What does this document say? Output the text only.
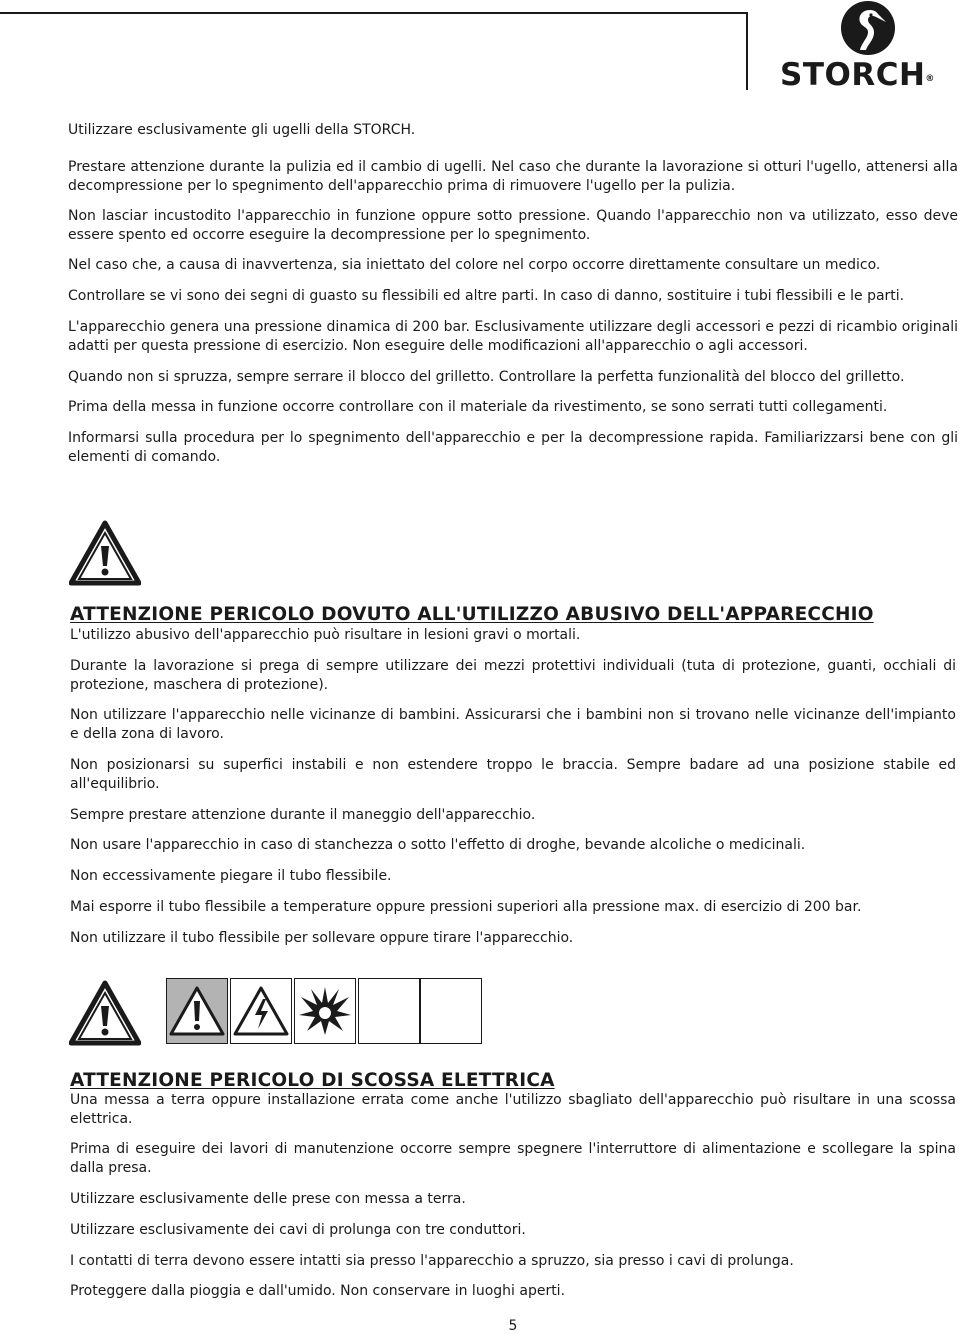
STORCH®

Utilizzare esclusivamente gli ugelli della STORCH.

Prestare attenzione durante la pulizia ed il cambio di ugelli. Nel caso che durante la lavorazione si otturi l'ugello, attenersi alla decompressione per lo spegnimento dell'apparecchio prima di rimuovere l'ugello per la pulizia.

Non lasciar incustodito l'apparecchio in funzione oppure sotto pressione. Quando l'apparecchio non va utilizzato, esso deve essere spento ed occorre eseguire la decompressione per lo spegnimento.

Nel caso che, a causa di inavvertenza, sia iniettato del colore nel corpo occorre direttamente consultare un medico.

Controllare se vi sono dei segni di guasto su flessibili ed altre parti. In caso di danno, sostituire i tubi flessibili e le parti.

L'apparecchio genera una pressione dinamica di 200 bar. Esclusivamente utilizzare degli accessori e pezzi di ricambio originali adatti per questa pressione di esercizio. Non eseguire delle modificazioni all'apparecchio o agli accessori.

Quando non si spruzza, sempre serrare il blocco del grilletto. Controllare la perfetta funzionalità del blocco del grilletto.

Prima della messa in funzione occorre controllare con il materiale da rivestimento, se sono serrati tutti collegamenti.

Informarsi sulla procedura per lo spegnimento dell'apparecchio e per la decompressione rapida. Familiarizzarsi bene con gli elementi di comando.

ATTENZIONE PERICOLO DOVUTO ALL'UTILIZZO ABUSIVO DELL'APPARECCHIO

L'utilizzo abusivo dell'apparecchio può risultare in lesioni gravi o mortali.

Durante la lavorazione si prega di sempre utilizzare dei mezzi protettivi individuali (tuta di protezione, guanti, occhiali di protezione, maschera di protezione).

Non utilizzare l'apparecchio nelle vicinanze di bambini. Assicurarsi che i bambini non si trovano nelle vicinanze dell'impianto e della zona di lavoro.

Non posizionarsi su superfici instabili e non estendere troppo le braccia. Sempre badare ad una posizione stabile ed all'equilibrio.

Sempre prestare attenzione durante il maneggio dell'apparecchio.

Non usare l'apparecchio in caso di stanchezza o sotto l'effetto di droghe, bevande alcoliche o medicinali.

Non eccessivamente piegare il tubo flessibile.

Mai esporre il tubo flessibile a temperature oppure pressioni superiori alla pressione max. di esercizio di 200 bar.

Non utilizzare il tubo flessibile per sollevare oppure tirare l'apparecchio.

ATTENZIONE PERICOLO DI SCOSSA ELETTRICA

Una messa a terra oppure installazione errata come anche l'utilizzo sbagliato dell'apparecchio può risultare in una scossa elettrica.

Prima di eseguire dei lavori di manutenzione occorre sempre spegnere l'interruttore di alimentazione e scollegare la spina dalla presa.

Utilizzare esclusivamente delle prese con messa a terra.

Utilizzare esclusivamente dei cavi di prolunga con tre conduttori.

I contatti di terra devono essere intatti sia presso l'apparecchio a spruzzo, sia presso i cavi di prolunga.

Proteggere dalla pioggia e dall'umido. Non conservare in luoghi aperti.

5
